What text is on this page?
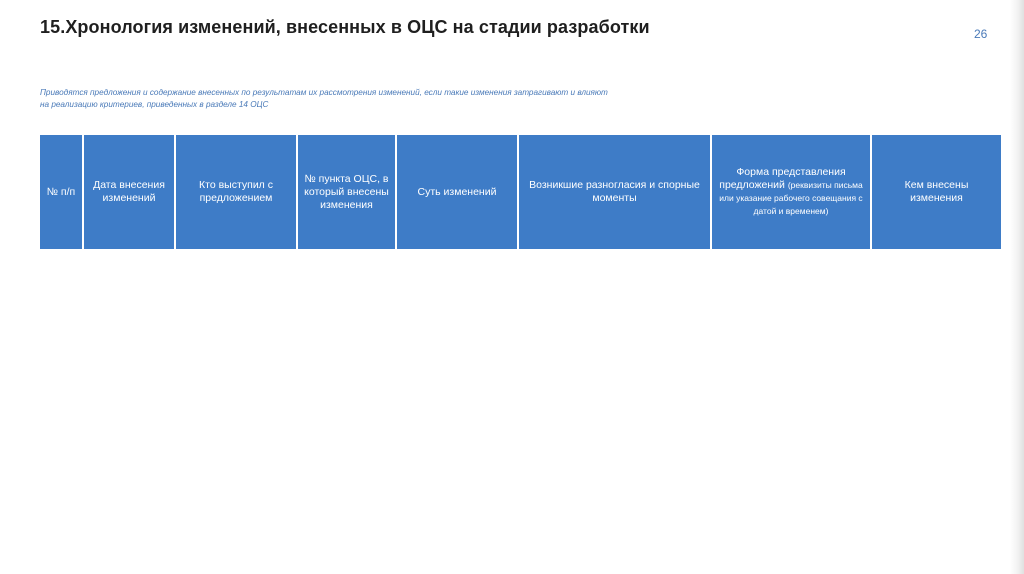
15.Хронология изменений, внесенных в ОЦС на стадии разработки	26
Приводятся предложения и содержание внесенных по результатам их рассмотрения изменений, если такие изменения затрагивают и влияют
на реализацию критериев, приведенных в разделе 14 ОЦС
№ п/п	Дата внесения изменений	Кто выступил с предложением	№ пункта ОЦС, в который внесены изменения	Суть изменений	Возникшие разногласия и спорные моменты	Форма представления предложений (реквизиты письма или указание рабочего совещания с датой и временем)	Кем внесены изменения
